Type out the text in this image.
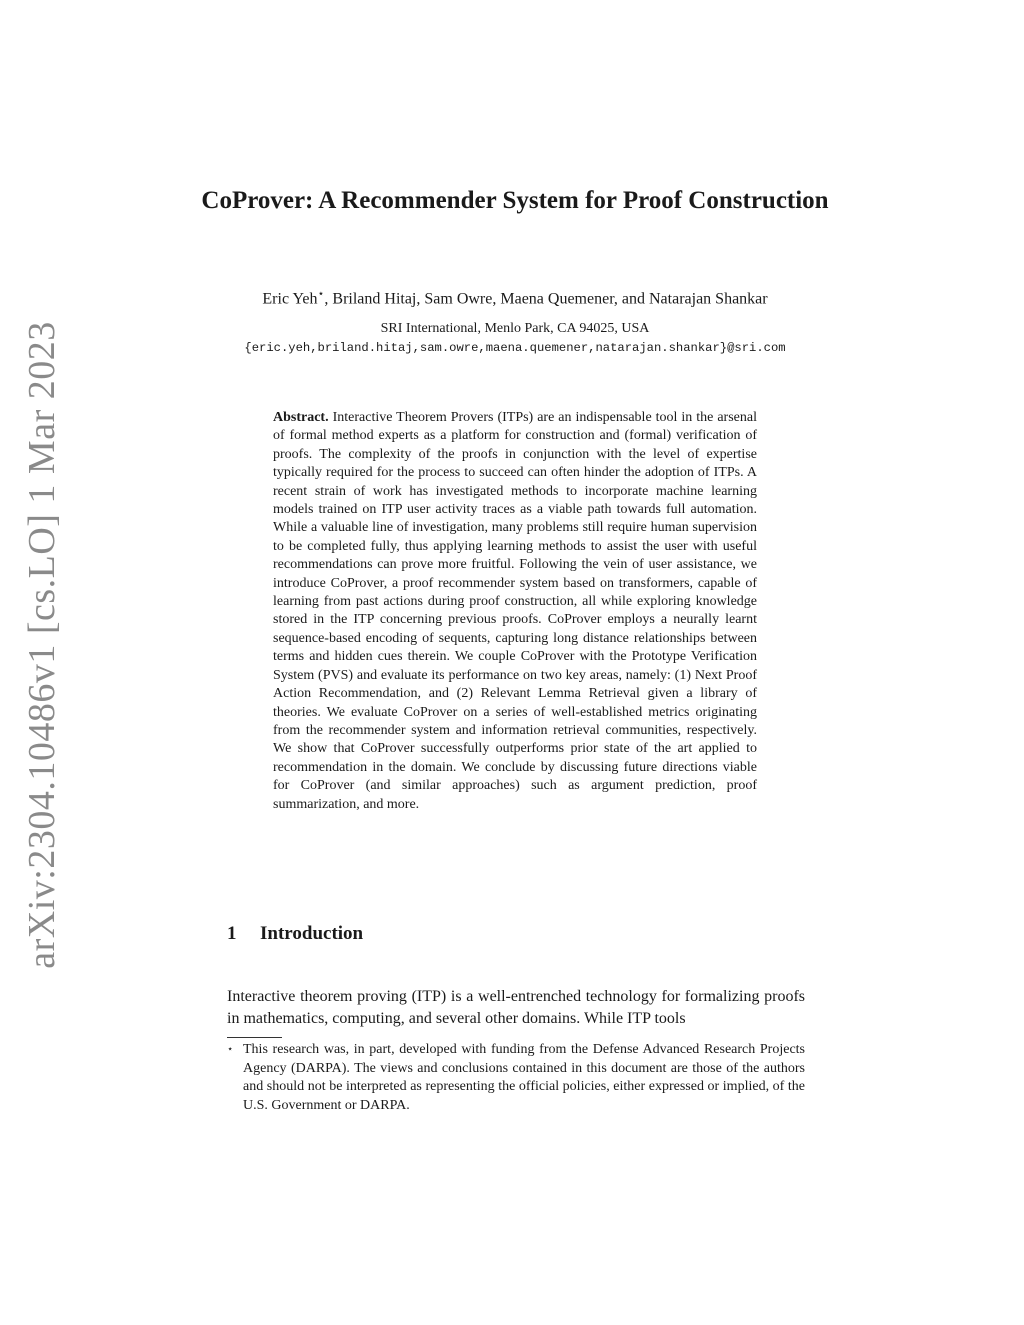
arXiv:2304.10486v1 [cs.LO] 1 Mar 2023
CoProver: A Recommender System for Proof Construction
Eric Yeh⋆, Briland Hitaj, Sam Owre, Maena Quemener, and Natarajan Shankar
SRI International, Menlo Park, CA 94025, USA
{eric.yeh,briland.hitaj,sam.owre,maena.quemener,natarajan.shankar}@sri.com
Abstract. Interactive Theorem Provers (ITPs) are an indispensable tool in the arsenal of formal method experts as a platform for construction and (formal) verification of proofs. The complexity of the proofs in conjunction with the level of expertise typically required for the process to succeed can often hinder the adoption of ITPs. A recent strain of work has investigated methods to incorporate machine learning models trained on ITP user activity traces as a viable path towards full automation. While a valuable line of investigation, many problems still require human supervision to be completed fully, thus applying learning methods to assist the user with useful recommendations can prove more fruitful. Following the vein of user assistance, we introduce CoProver, a proof recommender system based on transformers, capable of learning from past actions during proof construction, all while exploring knowledge stored in the ITP concerning previous proofs. CoProver employs a neurally learnt sequence-based encoding of sequents, capturing long distance relationships between terms and hidden cues therein. We couple CoProver with the Prototype Verification System (PVS) and evaluate its performance on two key areas, namely: (1) Next Proof Action Recommendation, and (2) Relevant Lemma Retrieval given a library of theories. We evaluate CoProver on a series of well-established metrics originating from the recommender system and information retrieval communities, respectively. We show that CoProver successfully outperforms prior state of the art applied to recommendation in the domain. We conclude by discussing future directions viable for CoProver (and similar approaches) such as argument prediction, proof summarization, and more.
1 Introduction
Interactive theorem proving (ITP) is a well-entrenched technology for formalizing proofs in mathematics, computing, and several other domains. While ITP tools

⋆ This research was, in part, developed with funding from the Defense Advanced Research Projects Agency (DARPA). The views and conclusions contained in this document are those of the authors and should not be interpreted as representing the official policies, either expressed or implied, of the U.S. Government or DARPA.
